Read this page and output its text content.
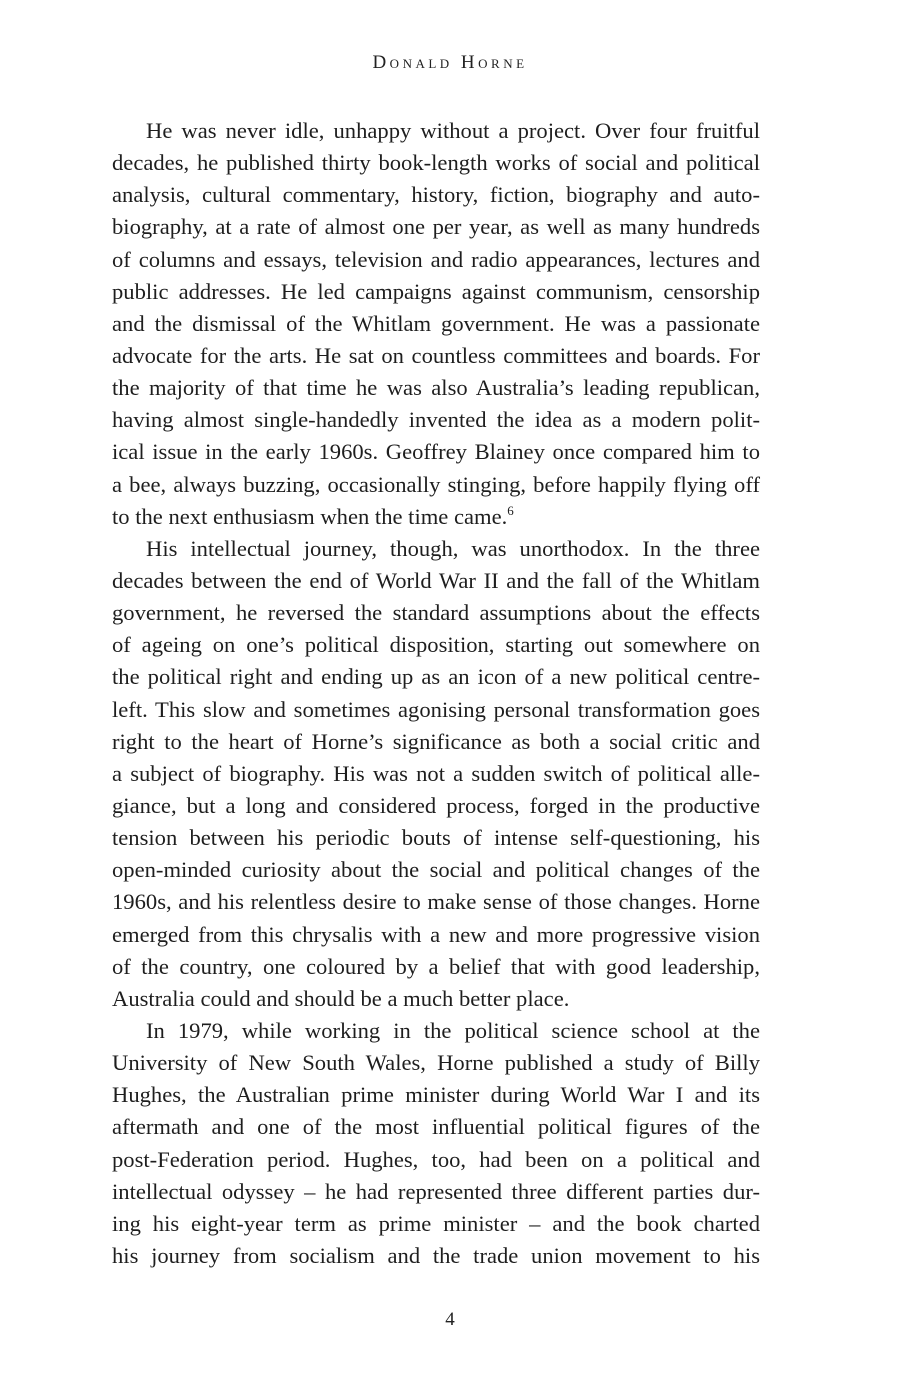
Donald Horne
He was never idle, unhappy without a project. Over four fruitful
decades, he published thirty book-length works of social and political
analysis, cultural commentary, history, fiction, biography and auto-
biography, at a rate of almost one per year, as well as many hundreds
of columns and essays, television and radio appearances, lectures and
public addresses. He led campaigns against communism, censorship
and the dismissal of the Whitlam government. He was a passionate
advocate for the arts. He sat on countless committees and boards. For
the majority of that time he was also Australia’s leading republican,
having almost single-handedly invented the idea as a modern polit-
ical issue in the early 1960s. Geoffrey Blainey once compared him to
a bee, always buzzing, occasionally stinging, before happily flying off
to the next enthusiasm when the time came.$^6$
His intellectual journey, though, was unorthodox. In the three
decades between the end of World War II and the fall of the Whitlam
government, he reversed the standard assumptions about the effects
of ageing on one’s political disposition, starting out somewhere on
the political right and ending up as an icon of a new political centre-
left. This slow and sometimes agonising personal transformation goes
right to the heart of Horne’s significance as both a social critic and
a subject of biography. His was not a sudden switch of political alle-
giance, but a long and considered process, forged in the productive
tension between his periodic bouts of intense self-questioning, his
open-minded curiosity about the social and political changes of the
1960s, and his relentless desire to make sense of those changes. Horne
emerged from this chrysalis with a new and more progressive vision
of the country, one coloured by a belief that with good leadership,
Australia could and should be a much better place.
In 1979, while working in the political science school at the
University of New South Wales, Horne published a study of Billy
Hughes, the Australian prime minister during World War I and its
aftermath and one of the most influential political figures of the
post-Federation period. Hughes, too, had been on a political and
intellectual odyssey – he had represented three different parties dur-
ing his eight-year term as prime minister – and the book charted
his journey from socialism and the trade union movement to his
4
